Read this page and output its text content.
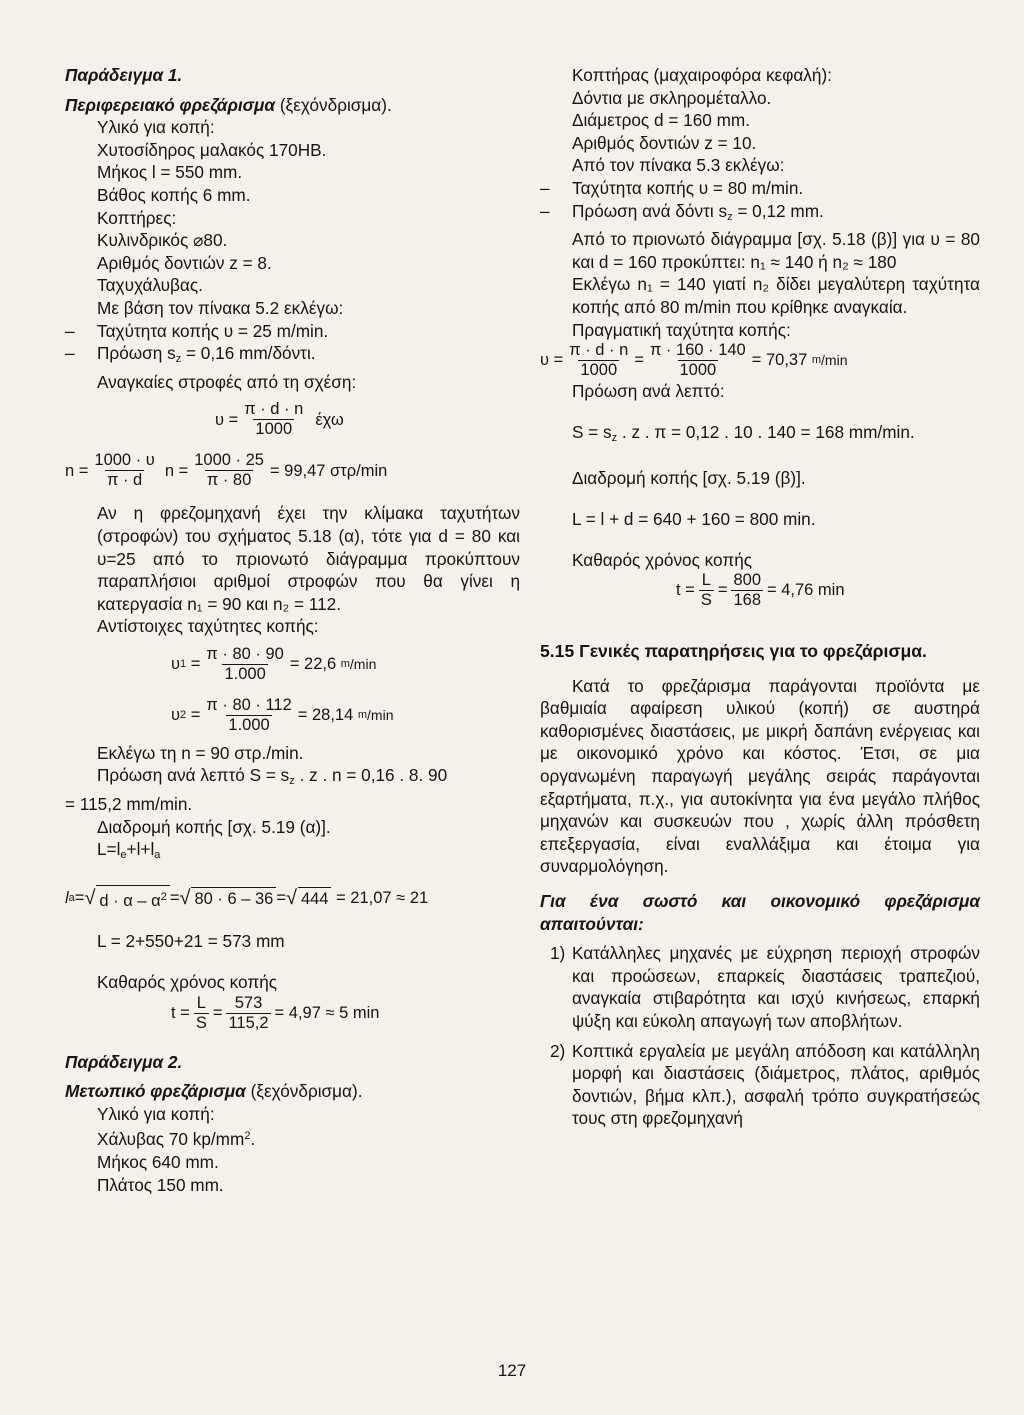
Παράδειγμα 1.

Περιφερειακό φρεζάρισμα (ξεχόνδρισμα).

Υλικό για κοπή:

Χυτοσίδηρος μαλακός 170ΗΒ.

Μήκος l = 550 mm.

Βάθος κοπής 6 mm.

Κοπτήρες:

Κυλινδρικός ⌀80.

Αριθμός δοντιών z = 8.

Ταχυχάλυβας.

Με βάση τον πίνακα 5.2 εκλέγω:

– Ταχύτητα κοπής υ = 25 m/min.

– Πρόωση $s_z = 0,16$ mm/δόντι.

Αναγκαίες στροφές από τη σχέση:

$\upsilon = \frac{\pi \cdot d \cdot n}{1000}$ έχω
$n = \frac{1000 \cdot \upsilon}{\pi \cdot d}$ $n = \frac{1000 \cdot 25}{\pi \cdot 80} = 99,47$ στρ/min

Αν η φρεζομηχανή έχει την κλίμακα ταχυτήτων (στροφών) του σχήματος 5.18 (α), τότε για d = 80 και υ=25 από το πριονωτό διάγραμμα προκύπτουν παραπλήσιοι αριθμοί στροφών που θα γίνει η κατεργασία n₁ = 90 και n₂ = 112.

Αντίστοιχες ταχύτητες κοπής:

υ $1 = \frac{\pi \cdot 80 \cdot 90}{1.000} = 22,6$
m /min
υ $2 = \frac{\pi \cdot 80 \cdot 112}{1.000} = 28,14$
m /min

Εκλέγω τη n = 90 στρ./min.

Πρόωση ανά λεπτό $S = s_z$ . z . n = 0,16 . 8. 90

= 115,2 mm/min.

Διαδρομή κοπής [σχ. 5.19 (α)].

$L=l_e+l+l_a$

l a = √ $d \cdot \alpha - \alpha^2$ = √ 80 · 6 – 36 = √ 444
= 21,07 ≈ 21

L = 2+550+21 = 573 mm

Καθαρός χρόνος κοπής

$t = \frac{L}{S} = \frac{573}{115,2} = 4,97 \approx 5$ min

Παράδειγμα 2.

Μετωπικό φρεζάρισμα (ξεχόνδρισμα).

Υλικό για κοπή:

Χάλυβας 70 $kp/mm^2$.

Μήκος 640 mm.

Πλάτος 150 mm.

Κοπτήρας (μαχαιροφόρα κεφαλή):

Δόντια με σκληρομέταλλο.

Διάμετρος d = 160 mm.

Αριθμός δοντιών z = 10.

Από τον πίνακα 5.3 εκλέγω:

– Ταχύτητα κοπής υ = 80 m/min.

– Πρόωση ανά δόντι $s_z = 0,12$ mm.

Από το πριονωτό διάγραμμα [σχ. 5.18 (β)] για υ = 80 και d = 160 προκύπτει: n₁ ≈ 140 ή n₂ ≈ 180

Εκλέγω n₁ = 140 γιατί n₂ δίδει μεγαλύτερη ταχύτητα κοπής από 80 m/min που κρίθηκε αναγκαία.

Πραγματική ταχύτητα κοπής:

$\upsilon = \frac{\pi \cdot d \cdot n}{1000} = \frac{\pi \cdot 160 \cdot 140}{1000} = 70,37$
m /min

Πρόωση ανά λεπτό:

$S = s_z$ . z . π = 0,12 . 10 . 140 = 168 mm/min.

Διαδρομή κοπής [σχ. 5.19 (β)].

L = l + d = 640 + 160 = 800 min.

Καθαρός χρόνος κοπής

$t = \frac{L}{S} = \frac{800}{168} = 4,76$ min

5.15 Γενικές παρατηρήσεις για το φρεζάρισμα.

Κατά το φρεζάρισμα παράγονται προϊόντα με βαθμιαία αφαίρεση υλικού (κοπή) σε αυστηρά καθορισμένες διαστάσεις, με μικρή δαπάνη ενέργειας και με οικονομικό χρόνο και κόστος. Έτσι, σε μια οργανωμένη παραγωγή μεγάλης σειράς παράγονται εξαρτήματα, π.χ., για αυτοκίνητα για ένα μεγάλο πλήθος μηχανών και συσκευών που , χωρίς άλλη πρόσθετη επεξεργασία, είναι εναλλάξιμα και έτοιμα για συναρμολόγηση.

Για ένα σωστό και οικονομικό φρεζάρισμα απαιτούνται:

1) Κατάλληλες μηχανές με εύχρηση περιοχή στροφών και προώσεων, επαρκείς διαστάσεις τραπεζιού, αναγκαία στιβαρότητα και ισχύ κινήσεως, επαρκή ψύξη και εύκολη απαγωγή των αποβλήτων.
2) Κοπτικά εργαλεία με μεγάλη απόδοση και κατάλληλη μορφή και διαστάσεις (διάμετρος, πλάτος, αριθμός δοντιών, βήμα κλπ.), ασφαλή τρόπο συγκρατήσεώς τους στη φρεζομηχανή
127
